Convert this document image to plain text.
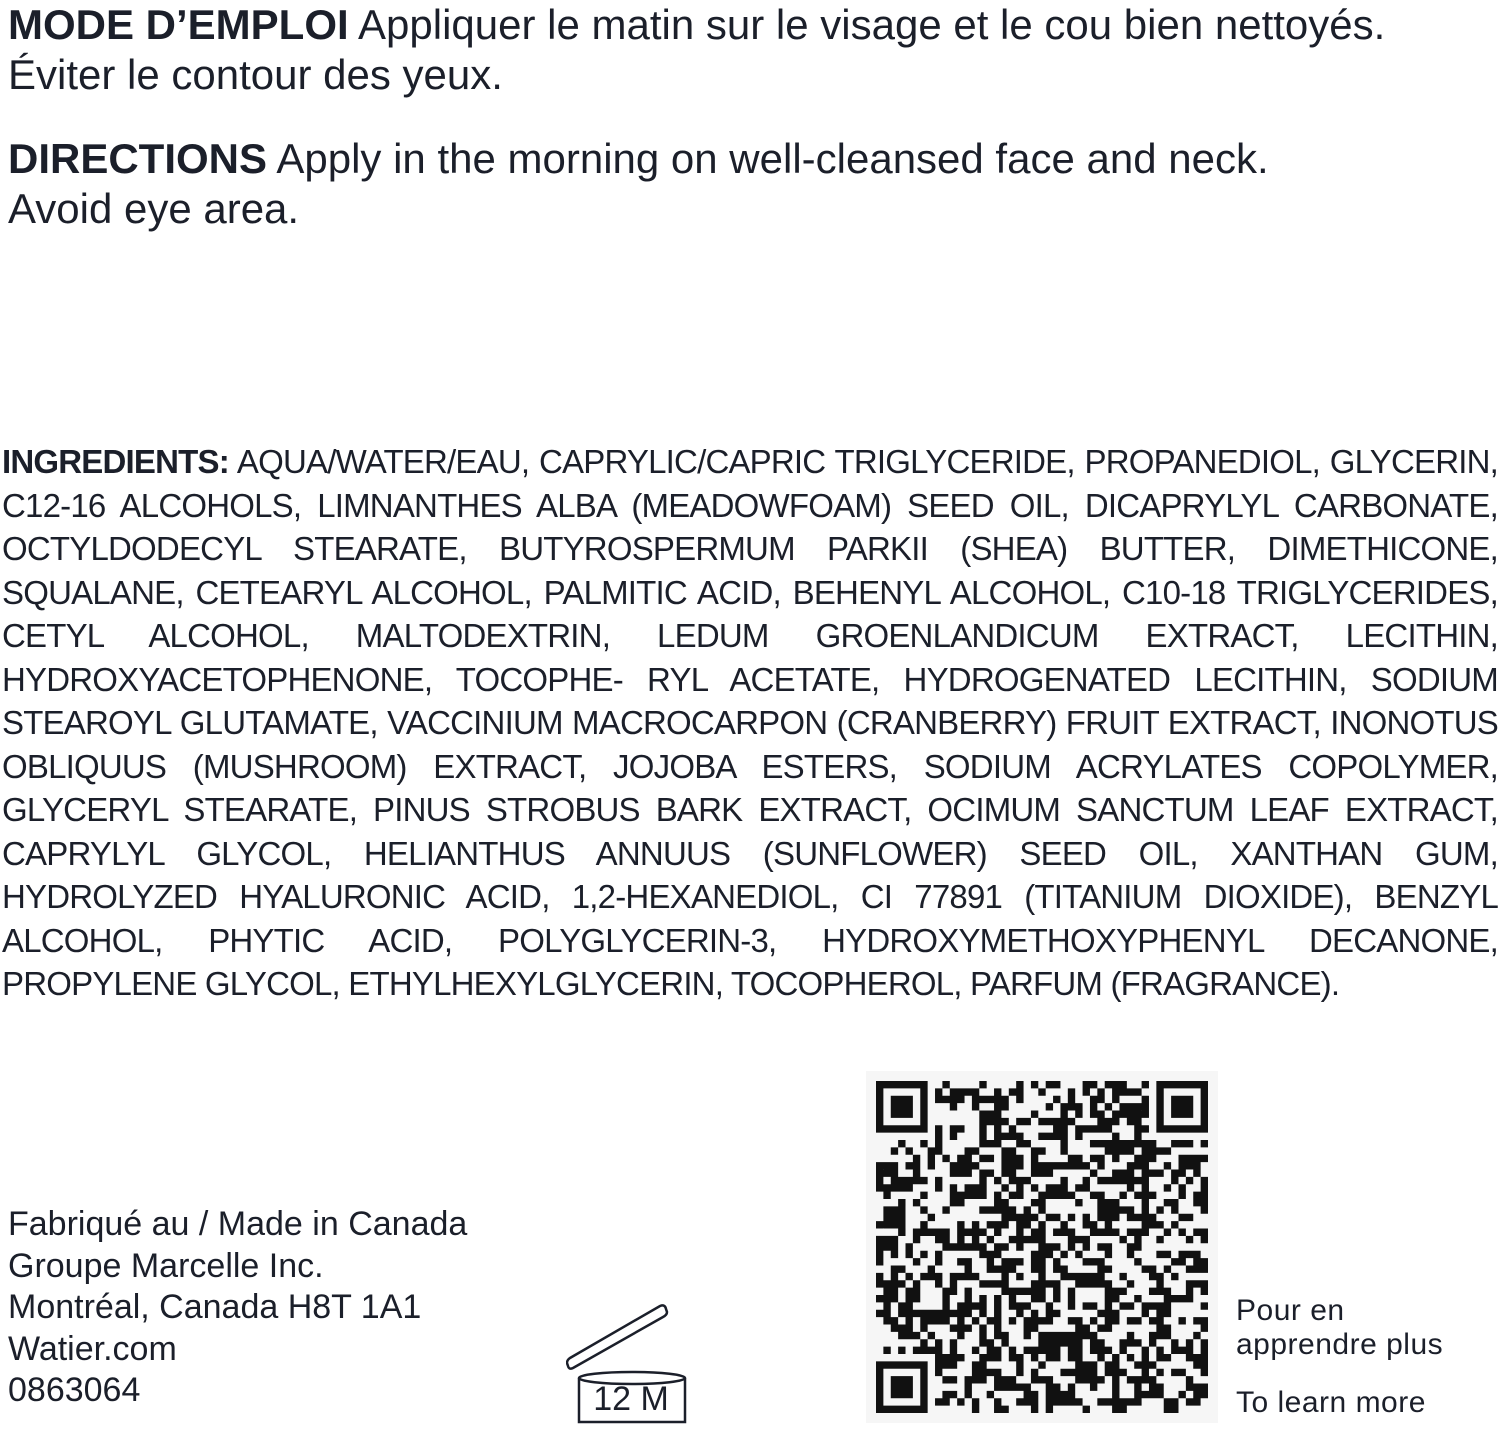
MODE D’EMPLOI Appliquer le matin sur le visage et le cou bien nettoyés.
Éviter le contour des yeux.
DIRECTIONS Apply in the morning on well-cleansed face and neck.
Avoid eye area.

INGREDIENTS: AQUA/WATER/EAU, CAPRYLIC/CAPRIC TRIGLYCERIDE, PROPANEDIOL, GLYCERIN, C12-16 ALCOHOLS, LIMNANTHES ALBA (MEADOWFOAM) SEED OIL, DICAPRYLYL CARBONATE, OCTYLDODECYL STEARATE, BUTYROSPERMUM PARKII (SHEA) BUTTER, DIMETHICONE, SQUALANE, CETEARYL ALCOHOL, PALMITIC ACID, BEHENYL ALCOHOL, C10-18 TRIGLYCERIDES, CETYL ALCOHOL, MALTODEXTRIN, LEDUM GROENLANDICUM EXTRACT, LECITHIN, HYDROXYACETOPHENONE, TOCOPHE- RYL ACETATE, HYDROGENATED LECITHIN, SODIUM STEAROYL GLUTAMATE, VACCINIUM MACROCARPON (CRANBERRY) FRUIT EXTRACT, INONOTUS OBLIQUUS (MUSHROOM) EXTRACT, JOJOBA ESTERS, SODIUM ACRYLATES COPOLYMER, GLYCERYL STEARATE, PINUS STROBUS BARK EXTRACT, OCIMUM SANCTUM LEAF EXTRACT, CAPRYLYL GLYCOL, HELIANTHUS ANNUUS (SUNFLOWER) SEED OIL, XANTHAN GUM, HYDROLYZED HYALURONIC ACID, 1,2-HEXANEDIOL, CI 77891 (TITANIUM DIOXIDE), BENZYL ALCOHOL, PHYTIC ACID, POLYGLYCERIN-3, HYDROXYMETHOXYPHENYL DECANONE, PROPYLENE GLYCOL, ETHYLHEXYLGLYCERIN, TOCOPHEROL, PARFUM (FRAGRANCE).

Fabriqué au / Made in Canada
Groupe Marcelle Inc.
Montréal, Canada H8T 1A1
Watier.com
0863064	12 M
Pour en
apprendre plus
To learn more
